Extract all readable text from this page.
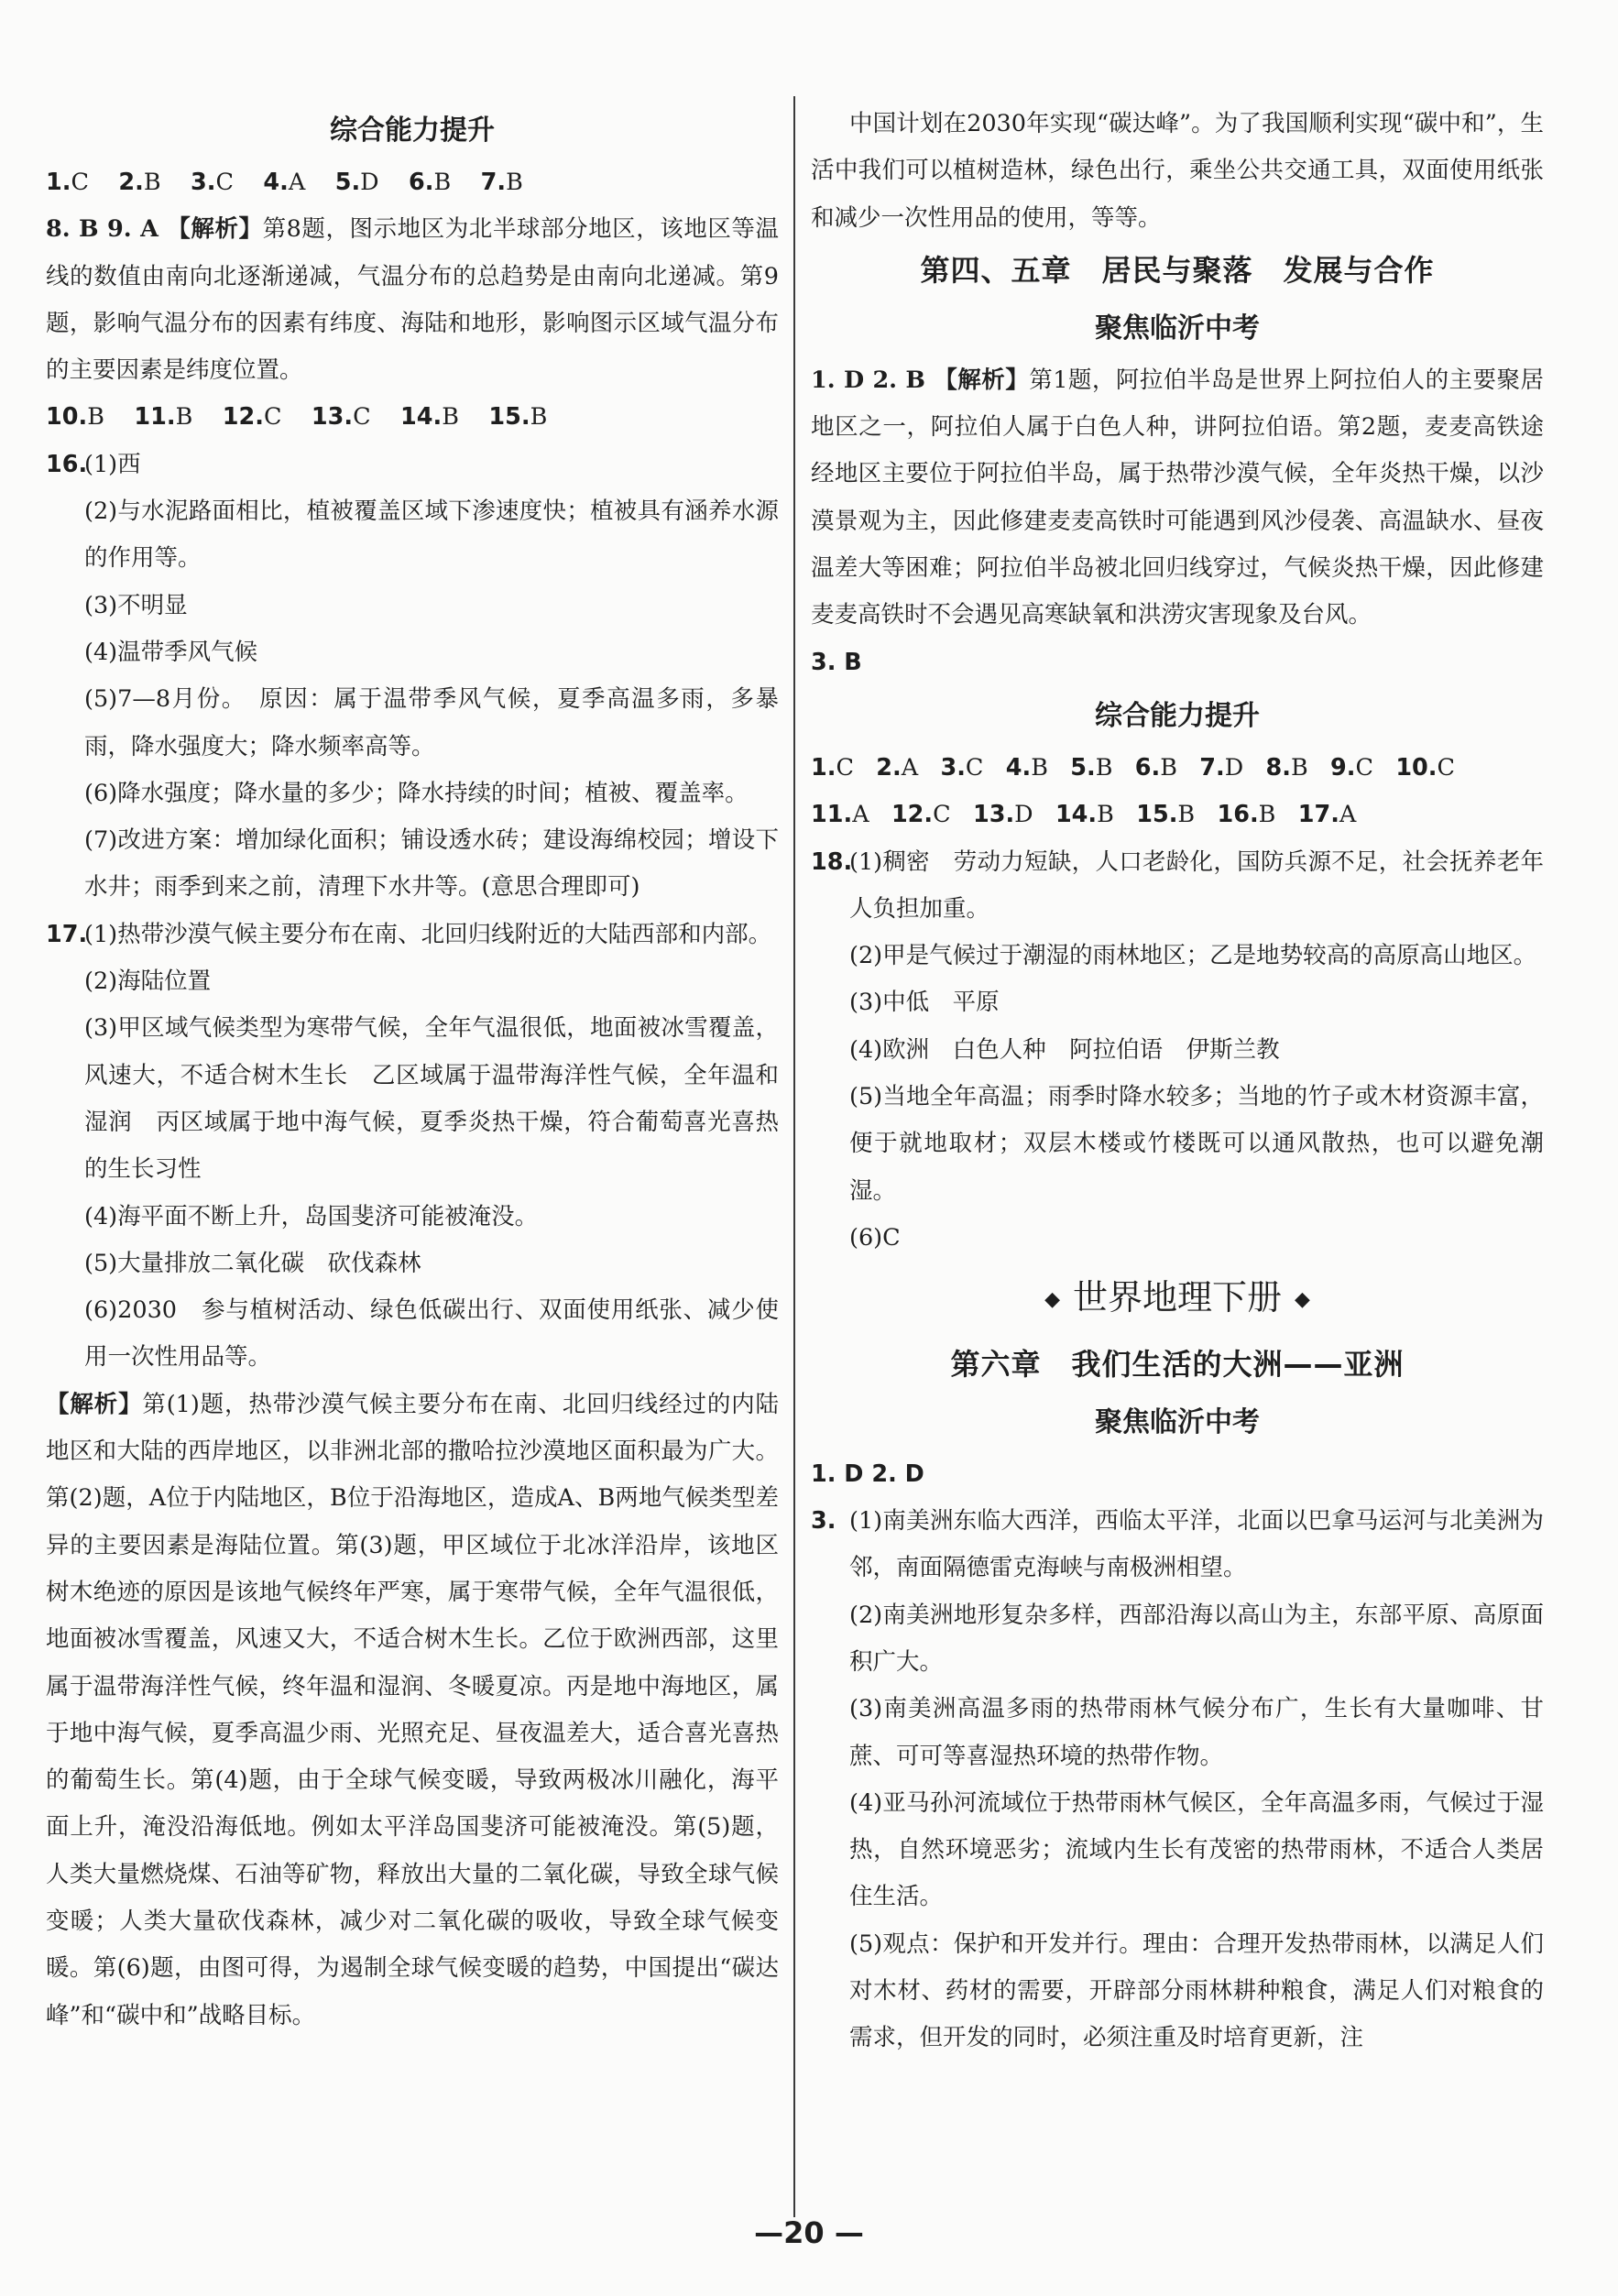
综合能力提升
1.C 2.B 3.C 4.A 5.D 6.B 7.B

8. B 9. A 【解析】第8题，图示地区为北半球部分地区，该地区等温线的数值由南向北逐渐递减，气温分布的总趋势是由南向北递减。第9题，影响气温分布的因素有纬度、海陆和地形，影响图示区域气温分布的主要因素是纬度位置。

10.B 11.B 12.C 13.C 14.B 15.B
16.

(1)西

(2)与水泥路面相比，植被覆盖区域下渗速度快；植被具有涵养水源的作用等。

(3)不明显

(4)温带季风气候

(5)7—8月份。　原因：属于温带季风气候，夏季高温多雨，多暴雨，降水强度大；降水频率高等。

(6)降水强度；降水量的多少；降水持续的时间；植被、覆盖率。

(7)改进方案：增加绿化面积；铺设透水砖；建设海绵校园；增设下水井；雨季到来之前，清理下水井等。(意思合理即可)

17.

(1)热带沙漠气候主要分布在南、北回归线附近的大陆西部和内部。

(2)海陆位置

(3)甲区域气候类型为寒带气候，全年气温很低，地面被冰雪覆盖，风速大，不适合树木生长　乙区域属于温带海洋性气候，全年温和湿润　丙区域属于地中海气候，夏季炎热干燥，符合葡萄喜光喜热的生长习性

(4)海平面不断上升，岛国斐济可能被淹没。

(5)大量排放二氧化碳　砍伐森林

(6)2030　参与植树活动、绿色低碳出行、双面使用纸张、减少使用一次性用品等。

【解析】第(1)题，热带沙漠气候主要分布在南、北回归线经过的内陆地区和大陆的西岸地区，以非洲北部的撒哈拉沙漠地区面积最为广大。第(2)题，A位于内陆地区，B位于沿海地区，造成A、B两地气候类型差异的主要因素是海陆位置。第(3)题，甲区域位于北冰洋沿岸，该地区树木绝迹的原因是该地气候终年严寒，属于寒带气候，全年气温很低，地面被冰雪覆盖，风速又大，不适合树木生长。乙位于欧洲西部，这里属于温带海洋性气候，终年温和湿润、冬暖夏凉。丙是地中海地区，属于地中海气候，夏季高温少雨、光照充足、昼夜温差大，适合喜光喜热的葡萄生长。第(4)题，由于全球气候变暖，导致两极冰川融化，海平面上升，淹没沿海低地。例如太平洋岛国斐济可能被淹没。第(5)题，人类大量燃烧煤、石油等矿物，释放出大量的二氧化碳，导致全球气候变暖；人类大量砍伐森林，减少对二氧化碳的吸收，导致全球气候变暖。第(6)题，由图可得，为遏制全球气候变暖的趋势，中国提出“碳达峰”和“碳中和”战略目标。

中国计划在2030年实现“碳达峰”。为了我国顺利实现“碳中和”，生活中我们可以植树造林，绿色出行，乘坐公共交通工具，双面使用纸张和减少一次性用品的使用，等等。

第四、五章　居民与聚落　发展与合作
聚焦临沂中考

1. D 2. B 【解析】第1题，阿拉伯半岛是世界上阿拉伯人的主要聚居地区之一，阿拉伯人属于白色人种，讲阿拉伯语。第2题，麦麦高铁途经地区主要位于阿拉伯半岛，属于热带沙漠气候，全年炎热干燥，以沙漠景观为主，因此修建麦麦高铁时可能遇到风沙侵袭、高温缺水、昼夜温差大等困难；阿拉伯半岛被北回归线穿过，气候炎热干燥，因此修建麦麦高铁时不会遇见高寒缺氧和洪涝灾害现象及台风。

3. B
综合能力提升
1.C 2.A 3.C 4.B 5.B 6.B 7.D 8.B 9.C 10.C
11.A 12.C 13.D 14.B 15.B 16.B 17.A
18.

(1)稠密　劳动力短缺，人口老龄化，国防兵源不足，社会抚养老年人负担加重。

(2)甲是气候过于潮湿的雨林地区；乙是地势较高的高原高山地区。

(3)中低　平原

(4)欧洲　白色人种　阿拉伯语　伊斯兰教

(5)当地全年高温；雨季时降水较多；当地的竹子或木材资源丰富，便于就地取材；双层木楼或竹楼既可以通风散热，也可以避免潮湿。

(6)C

◆ 世界地理下册 ◆
第六章　我们生活的大洲——亚洲
聚焦临沂中考
1. D 2. D
3. (1)南美洲东临大西洋，西临太平洋，北面以巴拿马运河与北美洲为邻，南面隔德雷克海峡与南极洲相望。

(2)南美洲地形复杂多样，西部沿海以高山为主，东部平原、高原面积广大。

(3)南美洲高温多雨的热带雨林气候分布广，生长有大量咖啡、甘蔗、可可等喜湿热环境的热带作物。

(4)亚马孙河流域位于热带雨林气候区，全年高温多雨，气候过于湿热，自然环境恶劣；流域内生长有茂密的热带雨林，不适合人类居住生活。

(5)观点：保护和开发并行。理由：合理开发热带雨林，以满足人们对木材、药材的需要，开辟部分雨林耕种粮食，满足人们对粮食的需求，但开发的同时，必须注重及时培育更新，注

—20 —
